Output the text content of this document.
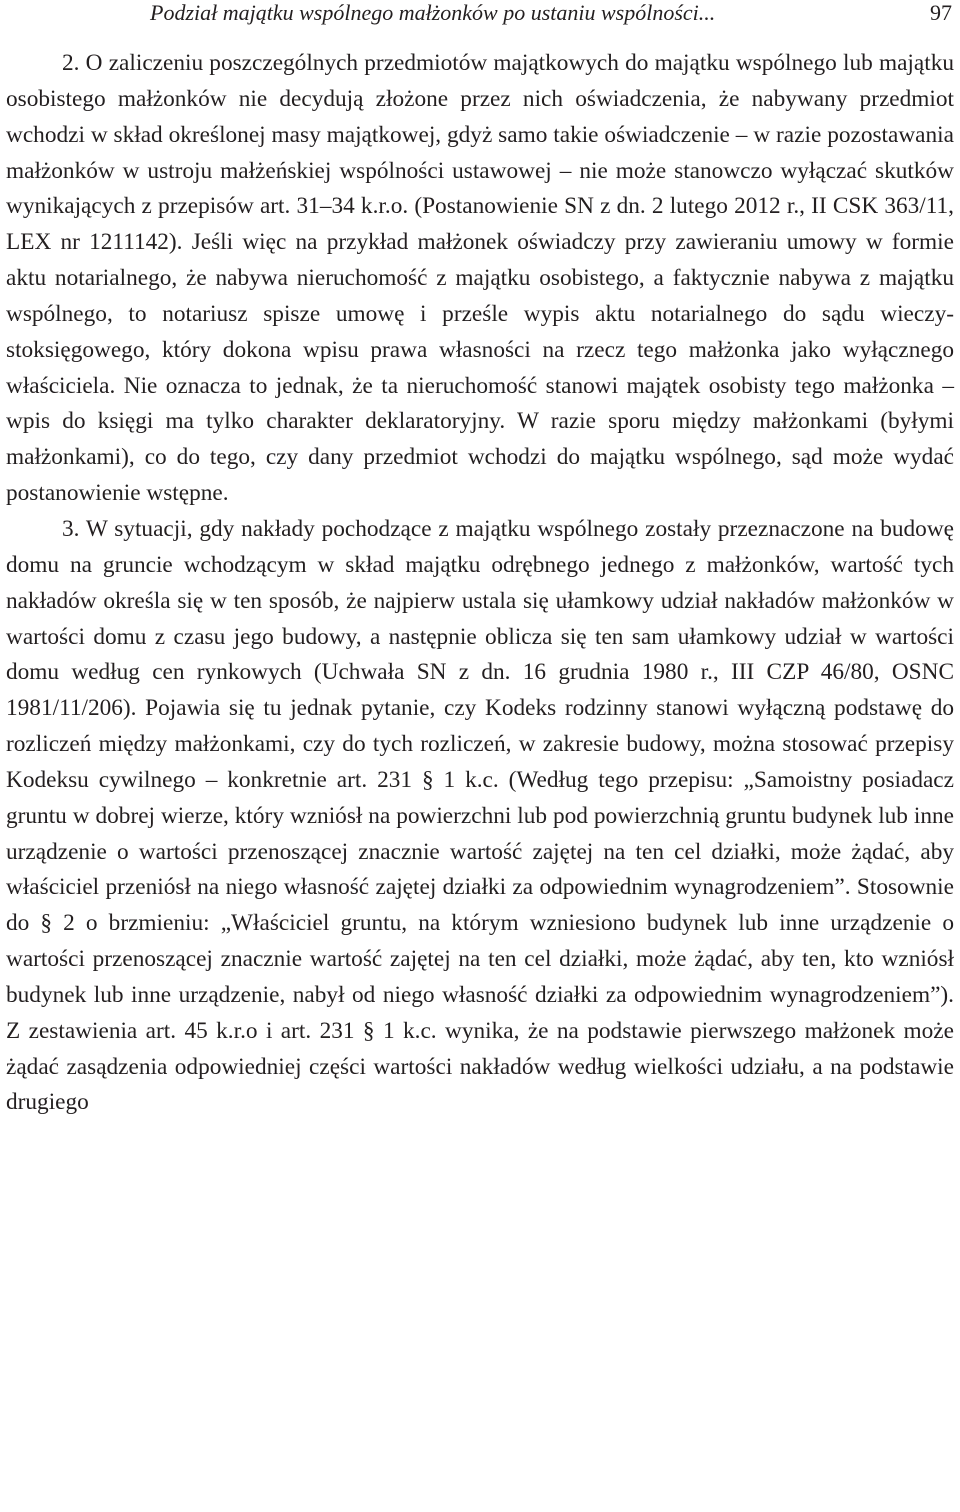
Podział majątku wspólnego małżonków po ustaniu wspólności...	97

2. O zaliczeniu poszczególnych przedmiotów majątkowych do majątku wspólnego lub majątku osobistego małżonków nie decydują złożone przez nich oświadczenia, że nabywany przedmiot wchodzi w skład określonej masy majątkowej, gdyż samo takie oświadczenie – w razie pozostawania małżonków w ustroju małżeńskiej wspólności ustawowej – nie może stanowczo wyłączać skutków wynikających z przepisów art. 31–34 k.r.o. (Postanowienie SN z dn. 2 lutego 2012 r., II CSK 363/11, LEX nr 1211142). Jeśli więc na przykład małżonek oświadczy przy zawieraniu umowy w formie aktu notarialnego, że nabywa nieruchomość z majątku osobistego, a faktycznie nabywa z majątku wspólnego, to notariusz spisze umowę i prześle wypis aktu notarialnego do sądu wieczystoksięgowego, który dokona wpisu prawa własności na rzecz tego małżonka jako wyłącznego właściciela. Nie oznacza to jednak, że ta nieruchomość stanowi majątek osobisty tego małżonka – wpis do księgi ma tylko charakter deklaratoryjny. W razie sporu między małżonkami (byłymi małżonkami), co do tego, czy dany przedmiot wchodzi do majątku wspólnego, sąd może wydać postanowienie wstępne.

3. W sytuacji, gdy nakłady pochodzące z majątku wspólnego zostały przeznaczone na budowę domu na gruncie wchodzącym w skład majątku odrębnego jednego z małżonków, wartość tych nakładów określa się w ten sposób, że najpierw ustala się ułamkowy udział nakładów małżonków w wartości domu z czasu jego budowy, a następnie oblicza się ten sam ułamkowy udział w wartości domu według cen rynkowych (Uchwała SN z dn. 16 grudnia 1980 r., III CZP 46/80, OSNC 1981/11/206). Pojawia się tu jednak pytanie, czy Kodeks rodzinny stanowi wyłączną podstawę do rozliczeń między małżonkami, czy do tych rozliczeń, w zakresie budowy, można stosować przepisy Kodeksu cywilnego – konkretnie art. 231 § 1 k.c. (Według tego przepisu: „Samoistny posiadacz gruntu w dobrej wierze, który wzniósł na powierzchni lub pod powierzchnią gruntu budynek lub inne urządzenie o wartości przenoszącej znacznie wartość zajętej na ten cel działki, może żądać, aby właściciel przeniósł na niego własność zajętej działki za odpowiednim wynagrodzeniem”. Stosownie do § 2 o brzmieniu: „Właściciel gruntu, na którym wzniesiono budynek lub inne urządzenie o wartości przenoszącej znacznie wartość zajętej na ten cel działki, może żądać, aby ten, kto wzniósł budynek lub inne urządzenie, nabył od niego własność działki za odpowiednim wynagrodzeniem”). Z zestawienia art. 45 k.r.o i art. 231 § 1 k.c. wynika, że na podstawie pierwszego małżonek może żądać zasądzenia odpowiedniej części wartości nakładów według wielkości udziału, a na podstawie drugiego
